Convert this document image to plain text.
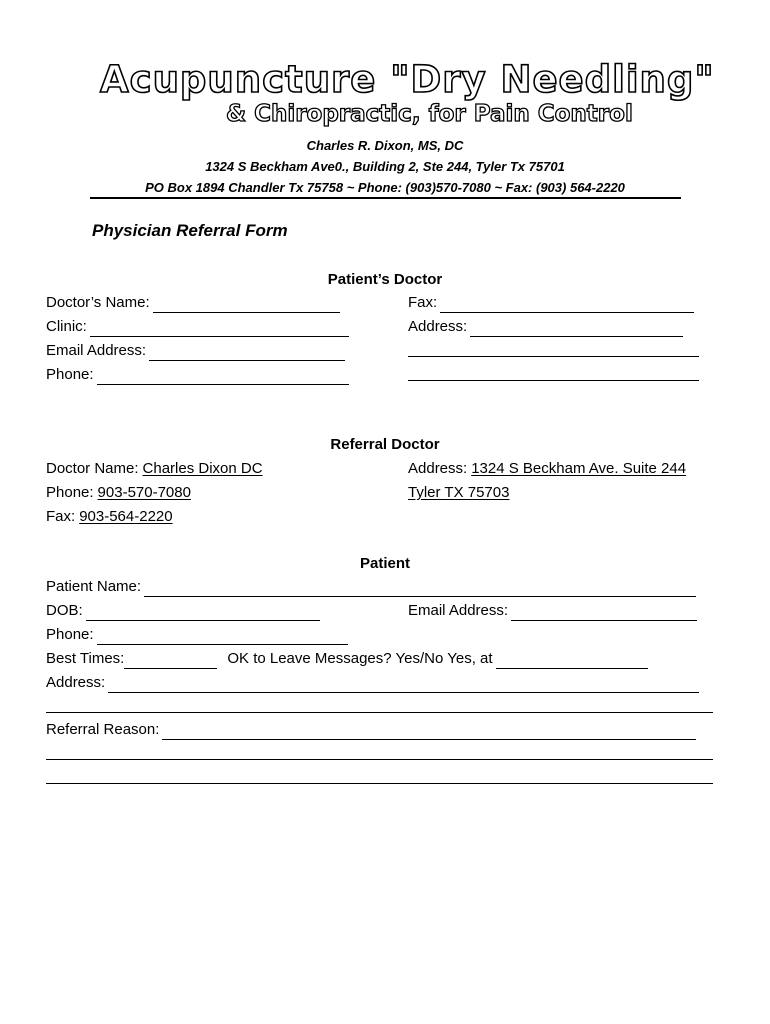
Acupuncture "Dry Needling"
& Chiropractic, for Pain Control
Charles R. Dixon, MS, DC
1324 S Beckham Ave0., Building 2, Ste 244, Tyler Tx 75701
PO Box 1894 Chandler Tx 75758 ~ Phone: (903)570-7080 ~ Fax: (903) 564-2220
Physician Referral Form
Patient’s Doctor
Doctor’s Name:
Clinic:
Email Address:
Phone:
Fax:
Address:
Referral Doctor
Doctor Name: Charles Dixon DC
Phone: 903-570-7080
Fax: 903-564-2220
Address: 1324 S Beckham Ave. Suite 244
Tyler TX 75703
Patient
Patient Name:
DOB:	Email Address:
Phone:
Best Times:	OK to Leave Messages? Yes/No Yes, at
Address:
Referral Reason:
